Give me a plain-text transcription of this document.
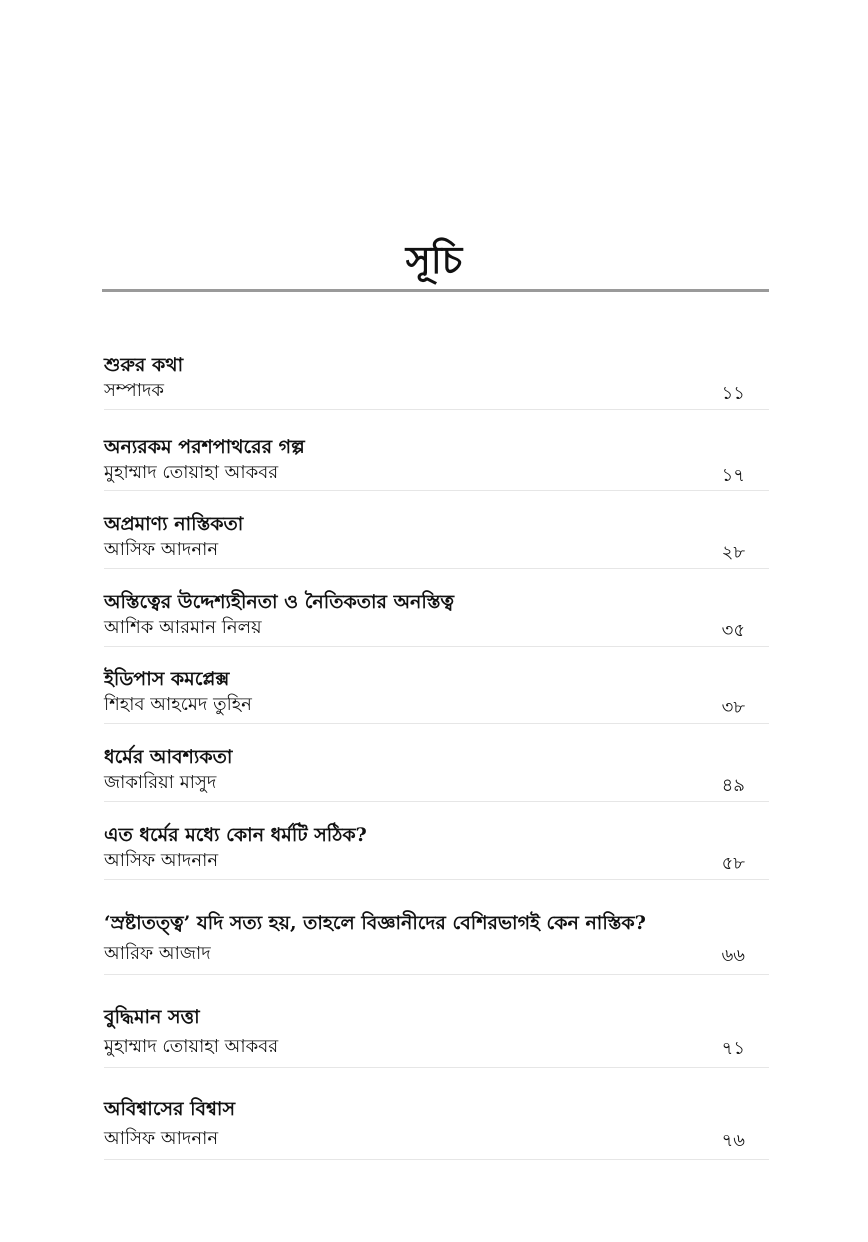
সূচি
শুরুর কথা
সম্পাদক	১১
অন্যরকম পরশপাথরের গল্প
মুহাম্মাদ তোয়াহা আকবর	১৭
অপ্রমাণ্য নাস্তিকতা
আসিফ আদনান	২৮
অস্তিত্বের উদ্দেশ্যহীনতা ও নৈতিকতার অনস্তিত্ব
আশিক আরমান নিলয়	৩৫
ইডিপাস কমপ্লেক্স
শিহাব আহমেদ তুহিন	৩৮
ধর্মের আবশ্যকতা
জাকারিয়া মাসুদ	৪৯
এত ধর্মের মধ্যে কোন ধর্মটি সঠিক?
আসিফ আদনান	৫৮
‘স্রষ্টাতত্ত্ব’ যদি সত্য হয়, তাহলে বিজ্ঞানীদের বেশিরভাগই কেন নাস্তিক?
আরিফ আজাদ	৬৬
বুদ্ধিমান সত্তা
মুহাম্মাদ তোয়াহা আকবর	৭১
অবিশ্বাসের বিশ্বাস
আসিফ আদনান	৭৬
